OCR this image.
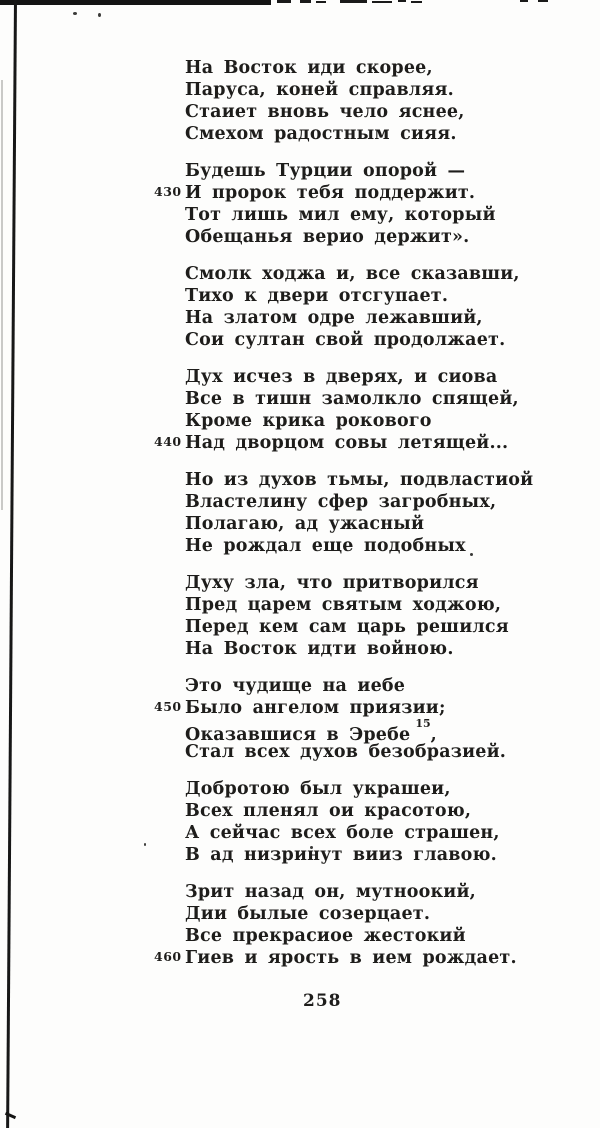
На Восток иди скорее,
Паруса, коней справляя.
Стаиет вновь чело яснее,
Смехом радостным сияя.
Будешь Турции опорой —
430 И пророк тебя поддержит.
Тот лишь мил ему, который
Обещанья верио держит».
Смолк ходжа и, все сказавши,
Тихо к двери отсгупает.
На златом одре лежавший,
Сои султан свой продолжает.
Дух исчез в дверях, и сиова
Все в тишн замолкло спящей,
Кроме крика рокового
440 Над дворцом совы летящей...
Но из духов тьмы, подвластиой
Властелину сфер загробных,
Полагаю, ад ужасный
Не рождал еще подобных
Духу зла, что притворился
Пред царем святым ходжою,
Перед кем сам царь решился
На Восток идти войною.
Это чудище на иебе
450 Было ангелом приязии;
Оказавшися в Эребе$^{15}$,
Стал всех духов безобразией.
Добротою был украшеи,
Всех пленял ои красотою,
А сейчас всех боле страшен,
В ад низринут вииз главою.
Зрит назад он, мутноокий,
Дии былые созерцает.
Все прекрасиое жестокий
460 Гиев и ярость в ием рождает.
258
